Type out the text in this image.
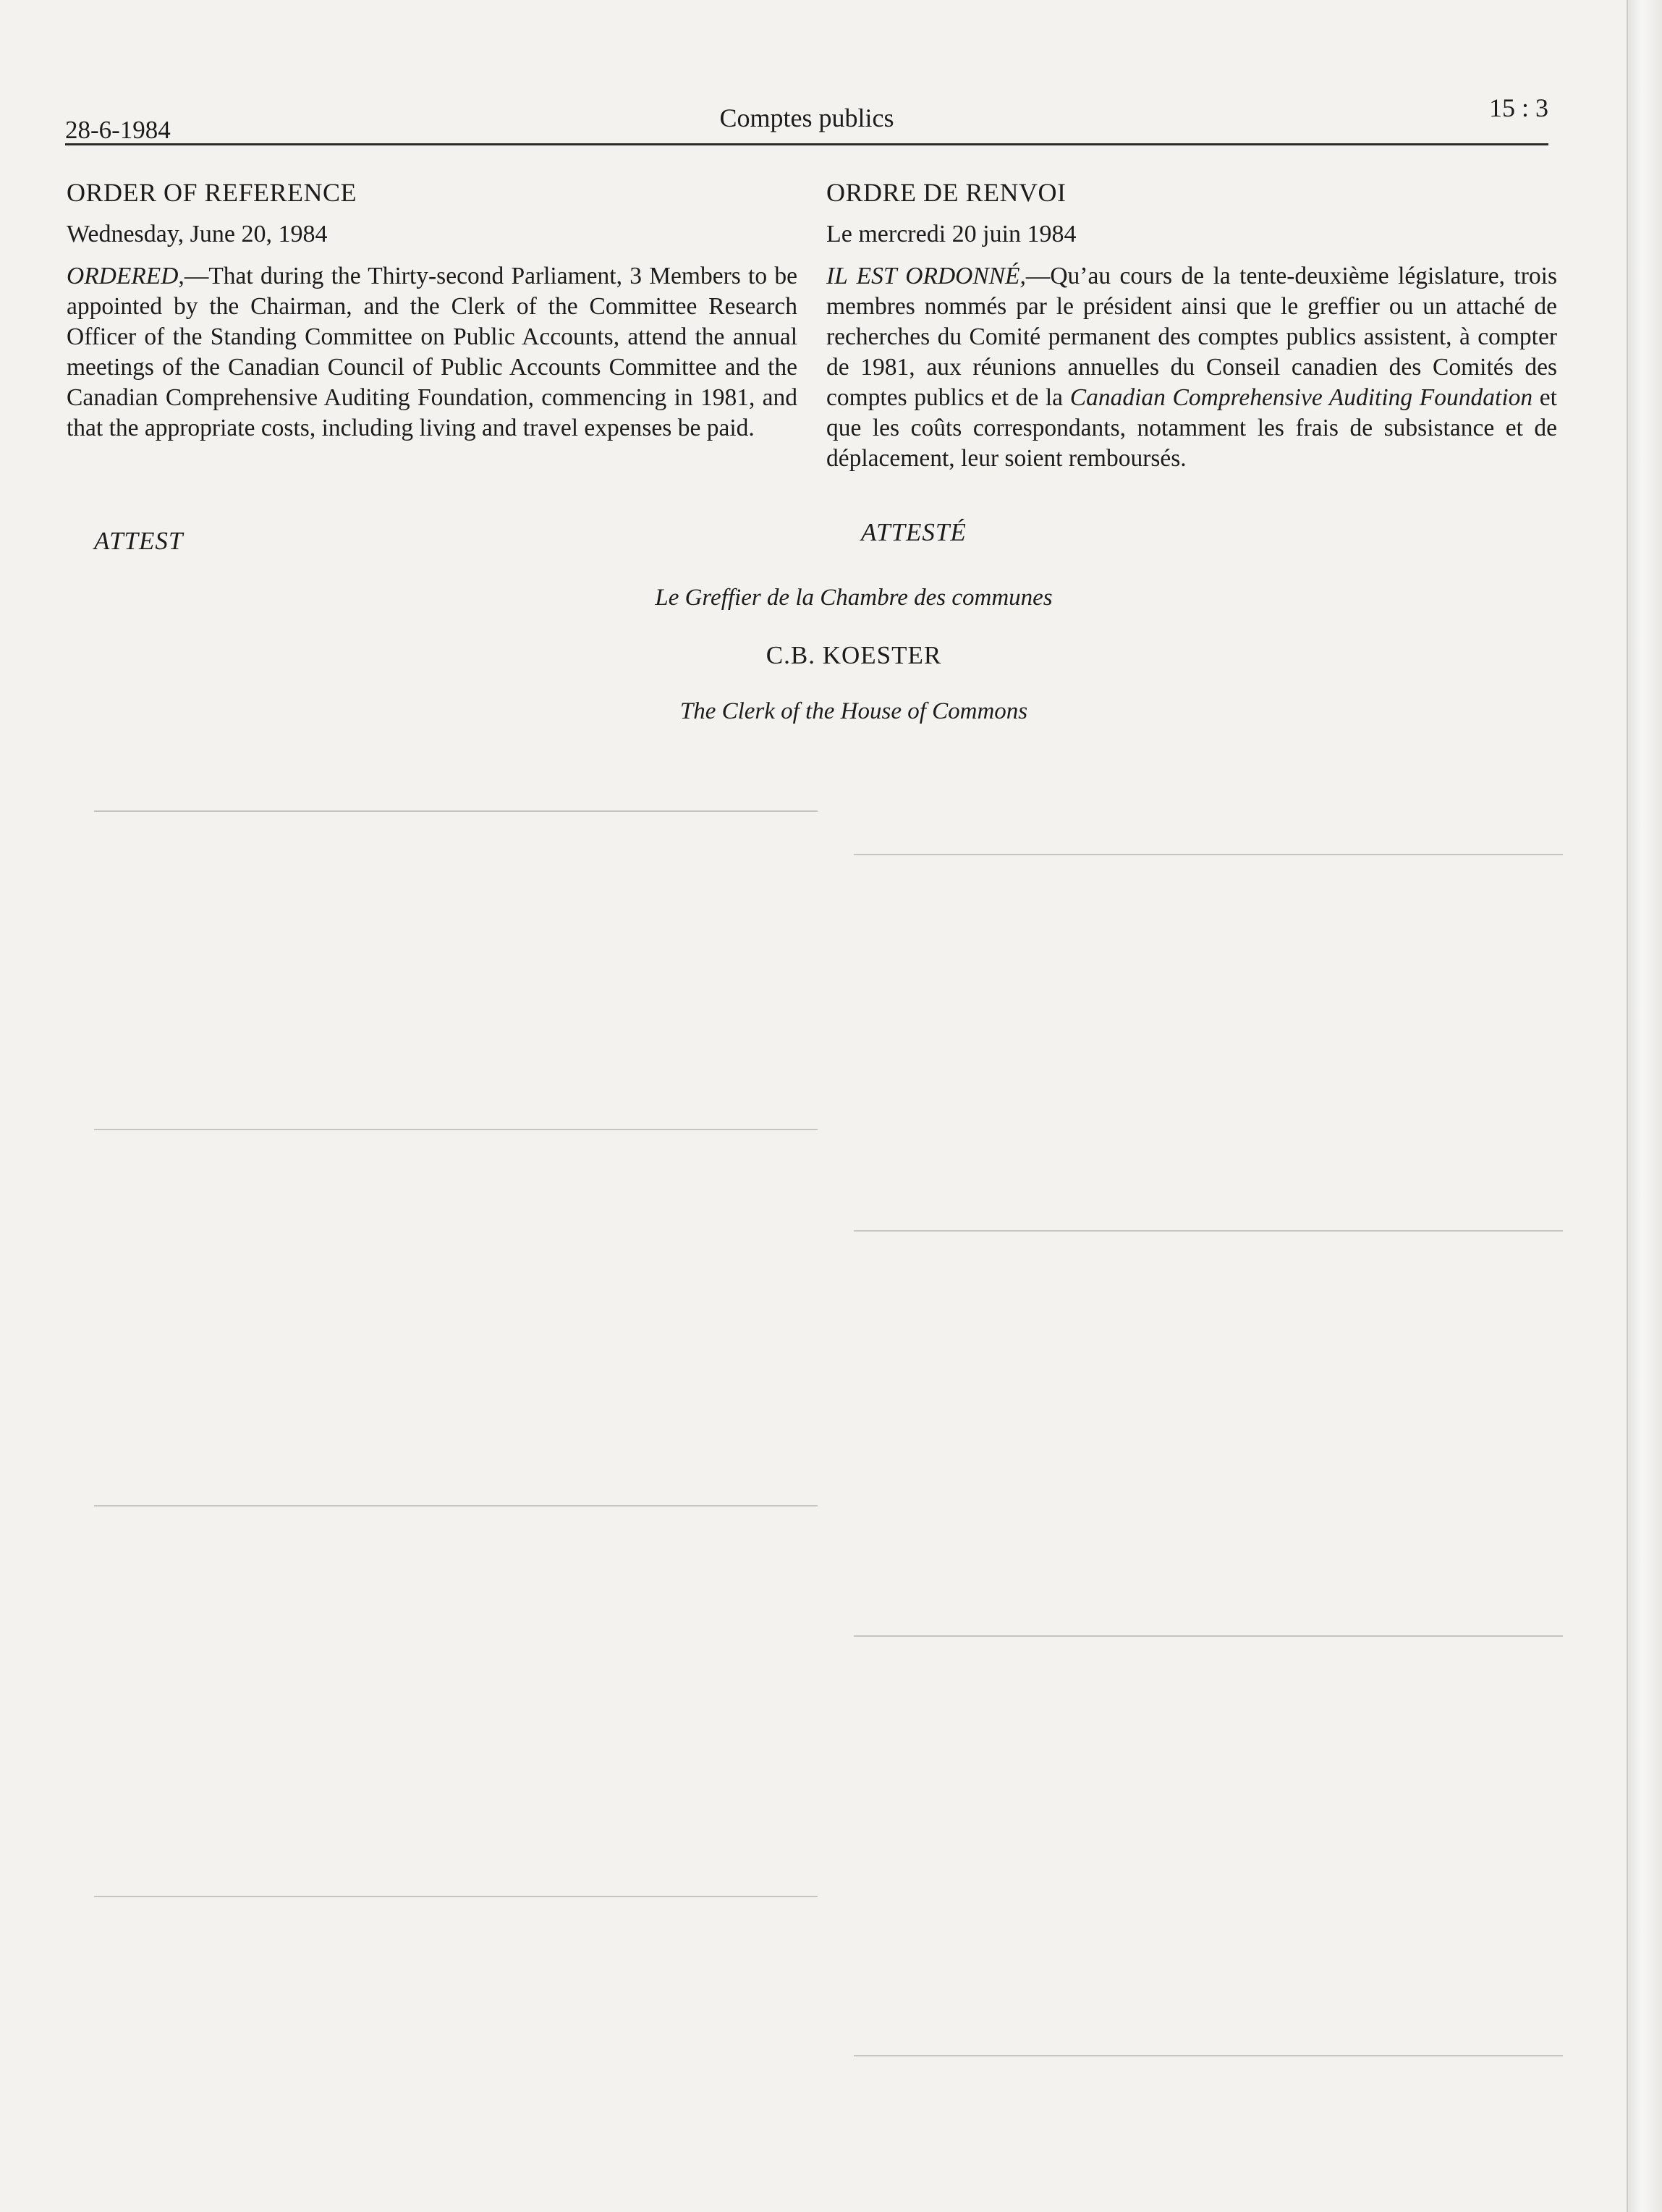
28-6-1984	Comptes publics	15 : 3
ORDER OF REFERENCE
Wednesday, June 20, 1984

ORDERED,—That during the Thirty-second Parliament, 3 Members to be appointed by the Chairman, and the Clerk of the Committee Research Officer of the Standing Committee on Public Accounts, attend the annual meetings of the Canadian Council of Public Accounts Committee and the Canadian Comprehensive Auditing Foundation, commencing in 1981, and that the appropriate costs, including living and travel expenses be paid.

ORDRE DE RENVOI
Le mercredi 20 juin 1984

IL EST ORDONNÉ,—Qu’au cours de la tente-deuxième législature, trois membres nommés par le président ainsi que le greffier ou un attaché de recherches du Comité permanent des comptes publics assistent, à compter de 1981, aux réunions annuelles du Conseil canadien des Comités des comptes publics et de la Canadian Comprehensive Auditing Foundation et que les coûts correspondants, notamment les frais de subsistance et de déplacement, leur soient remboursés.

ATTEST	ATTESTÉ
Le Greffier de la Chambre des communes
C.B. KOESTER
The Clerk of the House of Commons
